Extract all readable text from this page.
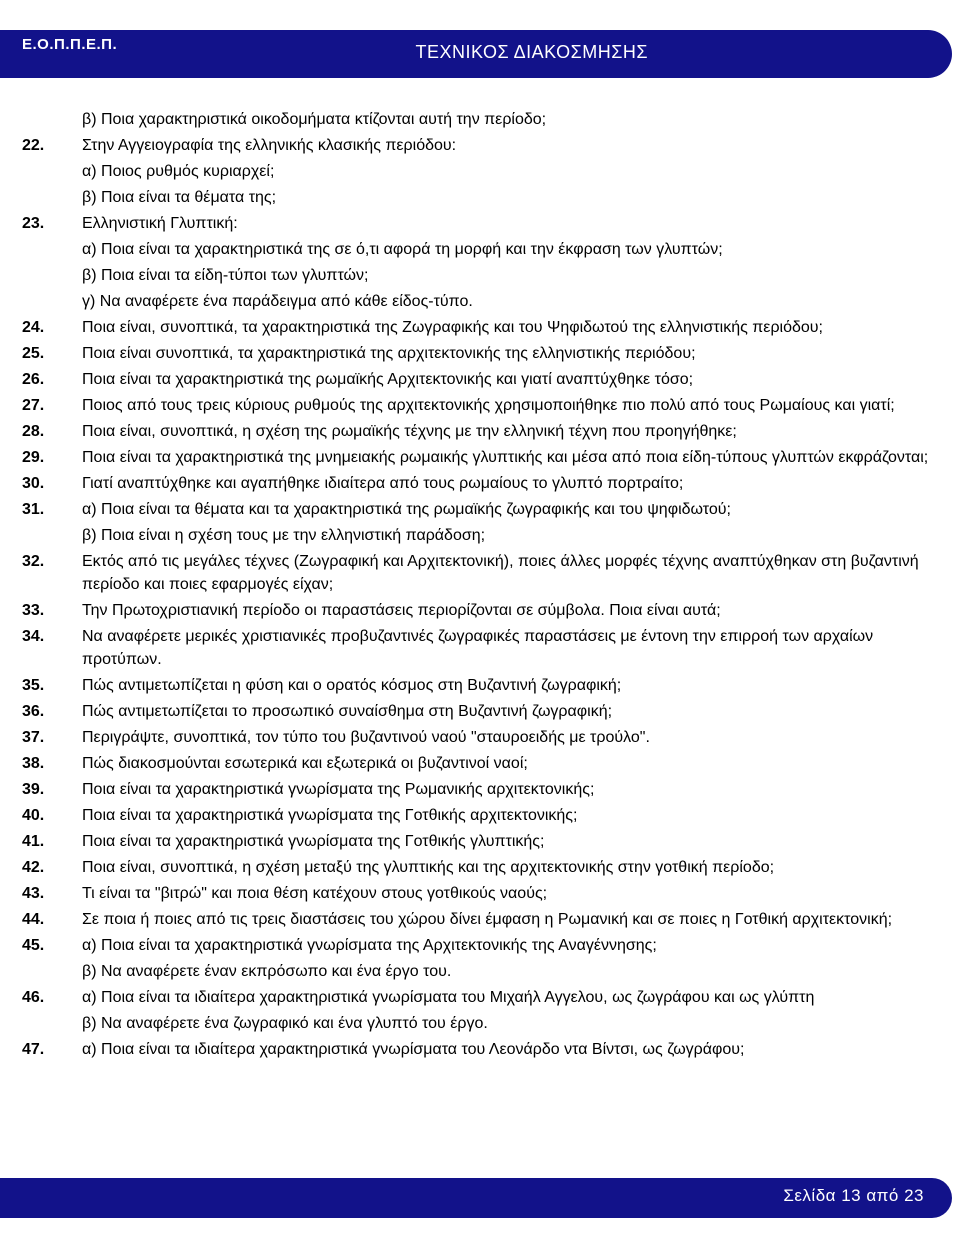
Ε.Ο.Π.Π.Ε.Π.	ΤΕΧΝΙΚΟΣ ΔΙΑΚΟΣΜΗΣΗΣ
β) Ποια χαρακτηριστικά οικοδομήματα κτίζονται αυτή την περίοδο;
22.	Στην Αγγειογραφία της ελληνικής κλασικής περιόδου:
α) Ποιος ρυθμός κυριαρχεί;
β) Ποια είναι τα θέματα της;
23.	Ελληνιστική Γλυπτική:
α) Ποια είναι τα χαρακτηριστικά της σε ό,τι αφορά τη μορφή και την έκφραση των γλυπτών;
β) Ποια είναι τα είδη-τύποι των γλυπτών;
γ) Να αναφέρετε ένα παράδειγμα από κάθε είδος-τύπο.
24.	Ποια είναι, συνοπτικά, τα χαρακτηριστικά της Ζωγραφικής και του Ψηφιδωτού της ελληνιστικής περιόδου;
25.	Ποια είναι συνοπτικά, τα χαρακτηριστικά της αρχιτεκτονικής της ελληνιστικής περιόδου;
26.	Ποια είναι τα χαρακτηριστικά της ρωμαϊκής Αρχιτεκτονικής και γιατί αναπτύχθηκε τόσο;
27.	Ποιος από τους τρεις κύριους ρυθμούς της αρχιτεκτονικής χρησιμοποιήθηκε πιο πολύ από τους Ρωμαίους και γιατί;
28.	Ποια είναι, συνοπτικά, η σχέση της ρωμαϊκής τέχνης με την ελληνική τέχνη που προηγήθηκε;
29.	Ποια είναι τα χαρακτηριστικά της μνημειακής ρωμαικής γλυπτικής και μέσα από ποια είδη-τύπους γλυπτών εκφράζονται;
30.	Γιατί αναπτύχθηκε και αγαπήθηκε ιδιαίτερα από τους ρωμαίους το γλυπτό πορτραίτο;
31.	α) Ποια είναι τα θέματα και τα χαρακτηριστικά της ρωμαϊκής ζωγραφικής και του ψηφιδωτού;
β) Ποια είναι η σχέση τους με την ελληνιστική παράδοση;
32.	Εκτός από τις μεγάλες τέχνες (Ζωγραφική και Αρχιτεκτονική), ποιες άλλες μορφές τέχνης αναπτύχθηκαν στη βυζαντινή περίοδο και ποιες εφαρμογές είχαν;
33.	Την Πρωτοχριστιανική περίοδο οι παραστάσεις περιορίζονται σε σύμβολα. Ποια είναι αυτά;
34.	Να αναφέρετε μερικές χριστιανικές προβυζαντινές ζωγραφικές παραστάσεις με έντονη την επιρροή των αρχαίων προτύπων.
35.	Πώς αντιμετωπίζεται η φύση και ο ορατός κόσμος στη Βυζαντινή ζωγραφική;
36.	Πώς αντιμετωπίζεται το προσωπικό συναίσθημα στη Βυζαντινή ζωγραφική;
37.	Περιγράψτε, συνοπτικά, τον τύπο του βυζαντινού ναού "σταυροειδής με τρούλο".
38.	Πώς διακοσμούνται εσωτερικά και εξωτερικά οι βυζαντινοί ναοί;
39.	Ποια είναι τα χαρακτηριστικά γνωρίσματα της Ρωμανικής αρχιτεκτονικής;
40.	Ποια είναι τα χαρακτηριστικά γνωρίσματα της Γοτθικής αρχιτεκτονικής;
41.	Ποια είναι τα χαρακτηριστικά γνωρίσματα της Γοτθικής γλυπτικής;
42.	Ποια είναι, συνοπτικά, η σχέση μεταξύ της γλυπτικής και της αρχιτεκτονικής στην γοτθική περίοδο;
43.	Τι είναι τα "βιτρώ" και ποια θέση κατέχουν στους γοτθικούς ναούς;
44.	Σε ποια ή ποιες από τις τρεις διαστάσεις του χώρου δίνει έμφαση η Ρωμανική και σε ποιες η Γοτθική αρχιτεκτονική;
45.	α) Ποια είναι τα χαρακτηριστικά γνωρίσματα της Αρχιτεκτονικής της Αναγέννησης;
β) Να αναφέρετε έναν εκπρόσωπο και ένα έργο του.
46.	α) Ποια είναι τα ιδιαίτερα χαρακτηριστικά γνωρίσματα του Μιχαήλ Αγγελου, ως ζωγράφου και ως γλύπτη
β) Να αναφέρετε ένα ζωγραφικό και ένα γλυπτό του έργο.
47.	α) Ποια είναι τα ιδιαίτερα χαρακτηριστικά γνωρίσματα του Λεονάρδο ντα Βίντσι, ως ζωγράφου;
Σελίδα 13 από 23
